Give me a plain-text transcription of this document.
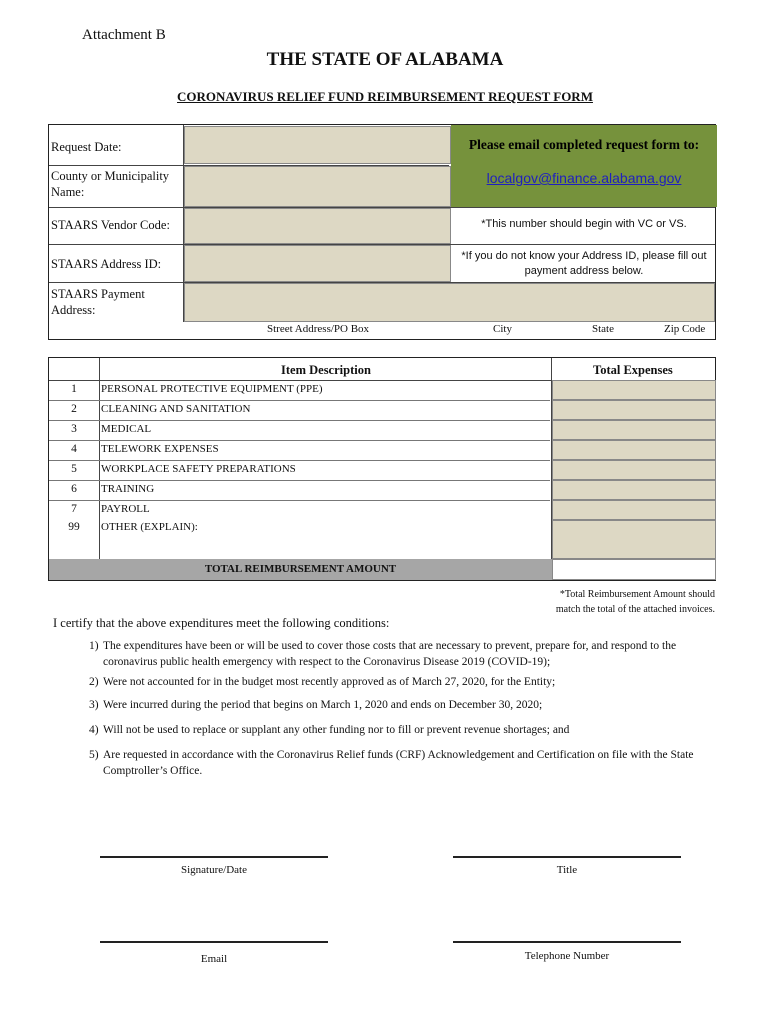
Attachment B
THE STATE OF ALABAMA
CORONAVIRUS RELIEF FUND REIMBURSEMENT REQUEST FORM
Request Date:
County or Municipality Name:
Please email completed request form to:
localgov@finance.alabama.gov
STAARS Vendor Code:	*This number should begin with VC or VS.
STAARS Address ID:
*If you do not know your Address ID, please fill out payment address below.
STAARS Payment Address:
Street Address/PO Box	City	State	Zip Code
Item Description	Total Expenses
1	PERSONAL PROTECTIVE EQUIPMENT (PPE)
2	CLEANING AND SANITATION
3	MEDICAL
4	TELEWORK EXPENSES
5	WORKPLACE SAFETY PREPARATIONS
6	TRAINING
7	PAYROLL
99	OTHER (EXPLAIN):
TOTAL REIMBURSEMENT AMOUNT
*Total Reimbursement Amount should
match the total of the attached invoices.
I certify that the above expenditures meet the following conditions:
1) The expenditures have been or will be used to cover those costs that are necessary to prevent, prepare for, and respond to the coronavirus public health emergency with respect to the Coronavirus Disease 2019 (COVID-19);
2) Were not accounted for in the budget most recently approved as of March 27, 2020, for the Entity;
3) Were incurred during the period that begins on March 1, 2020 and ends on December 30, 2020;
4) Will not be used to replace or supplant any other funding nor to fill or prevent revenue shortages; and
5) Are requested in accordance with the Coronavirus Relief funds (CRF) Acknowledgement and Certification on file with the State Comptroller’s Office.
Signature/Date	Title
Email	Telephone Number
